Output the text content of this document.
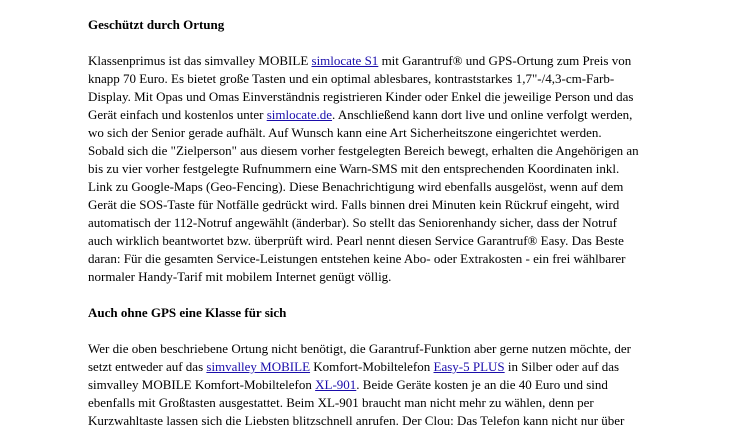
Geschützt durch Ortung

Klassenprimus ist das simvalley MOBILE simlocate S1 mit Garantruf® und GPS-Ortung zum Preis von
knapp 70 Euro. Es bietet große Tasten und ein optimal ablesbares, kontraststarkes 1,7"-/4,3-cm-Farb-
Display. Mit Opas und Omas Einverständnis registrieren Kinder oder Enkel die jeweilige Person und das
Gerät einfach und kostenlos unter simlocate.de. Anschließend kann dort live und online verfolgt werden,
wo sich der Senior gerade aufhält. Auf Wunsch kann eine Art Sicherheitszone eingerichtet werden.
Sobald sich die "Zielperson" aus diesem vorher festgelegten Bereich bewegt, erhalten die Angehörigen an
bis zu vier vorher festgelegte Rufnummern eine Warn-SMS mit den entsprechenden Koordinaten inkl.
Link zu Google-Maps (Geo-Fencing). Diese Benachrichtigung wird ebenfalls ausgelöst, wenn auf dem
Gerät die SOS-Taste für Notfälle gedrückt wird. Falls binnen drei Minuten kein Rückruf eingeht, wird
automatisch der 112-Notruf angewählt (änderbar). So stellt das Seniorenhandy sicher, dass der Notruf
auch wirklich beantwortet bzw. überprüft wird. Pearl nennt diesen Service Garantruf® Easy. Das Beste
daran: Für die gesamten Service-Leistungen entstehen keine Abo- oder Extrakosten - ein frei wählbarer
normaler Handy-Tarif mit mobilem Internet genügt völlig.

Auch ohne GPS eine Klasse für sich

Wer die oben beschriebene Ortung nicht benötigt, die Garantruf-Funktion aber gerne nutzen möchte, der
setzt entweder auf das simvalley MOBILE Komfort-Mobiltelefon Easy-5 PLUS in Silber oder auf das
simvalley MOBILE Komfort-Mobiltelefon XL-901. Beide Geräte kosten je an die 40 Euro und sind
ebenfalls mit Großtasten ausgestattet. Beim XL-901 braucht man nicht mehr zu wählen, denn per
Kurzwahltaste lassen sich die Liebsten blitzschnell anrufen. Der Clou: Das Telefon kann nicht nur über
